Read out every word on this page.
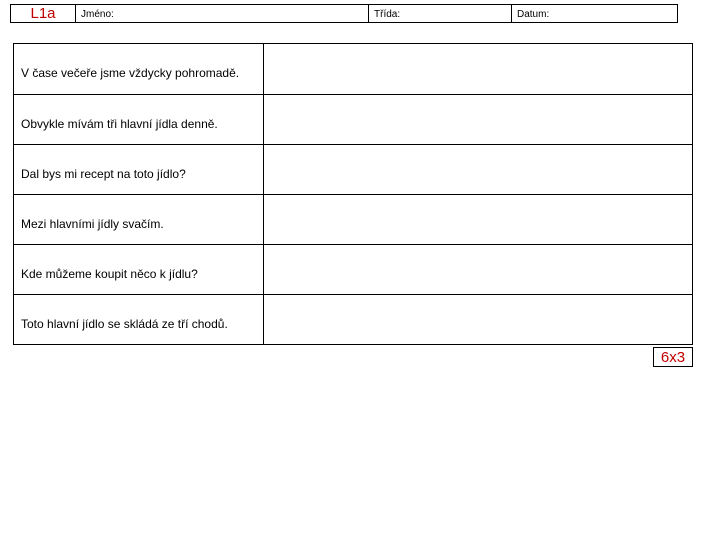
L1a	Jméno:	Třída:	Datum:
V čase večeře jsme vždycky pohromadě.
Obvykle mívám tři hlavní jídla denně.
Dal bys mi recept na toto jídlo?
Mezi hlavními jídly svačím.
Kde můžeme koupit něco k jídlu?
Toto hlavní jídlo se skládá ze tří chodů.
6x3
